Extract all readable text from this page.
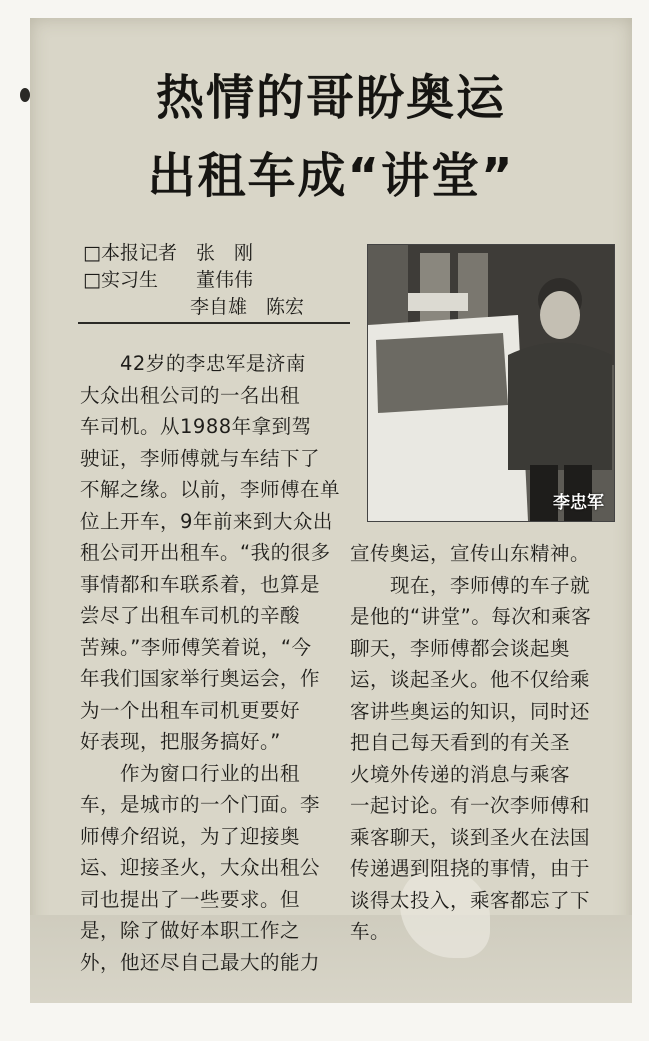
热情的哥盼奥运
出租车成“讲堂”
□本报记者　张　刚
□实习生　　董伟伟
李自雄　陈宏
李忠军
　　42岁的李忠军是济南
大众出租公司的一名出租
车司机。从1988年拿到驾
驶证，李师傅就与车结下了
不解之缘。以前，李师傅在单
位上开车，9年前来到大众出
租公司开出租车。“我的很多
事情都和车联系着，也算是
尝尽了出租车司机的辛酸
苦辣。”李师傅笑着说，“今
年我们国家举行奥运会，作
为一个出租车司机更要好
好表现，把服务搞好。”
　　作为窗口行业的出租
车，是城市的一个门面。李
师傅介绍说，为了迎接奥
运、迎接圣火，大众出租公
司也提出了一些要求。但
是，除了做好本职工作之
外，他还尽自己最大的能力
宣传奥运，宣传山东精神。
　　现在，李师傅的车子就
是他的“讲堂”。每次和乘客
聊天，李师傅都会谈起奥
运，谈起圣火。他不仅给乘
客讲些奥运的知识，同时还
把自己每天看到的有关圣
火境外传递的消息与乘客
一起讨论。有一次李师傅和
乘客聊天，谈到圣火在法国
传递遇到阻挠的事情，由于
谈得太投入，乘客都忘了下
车。
